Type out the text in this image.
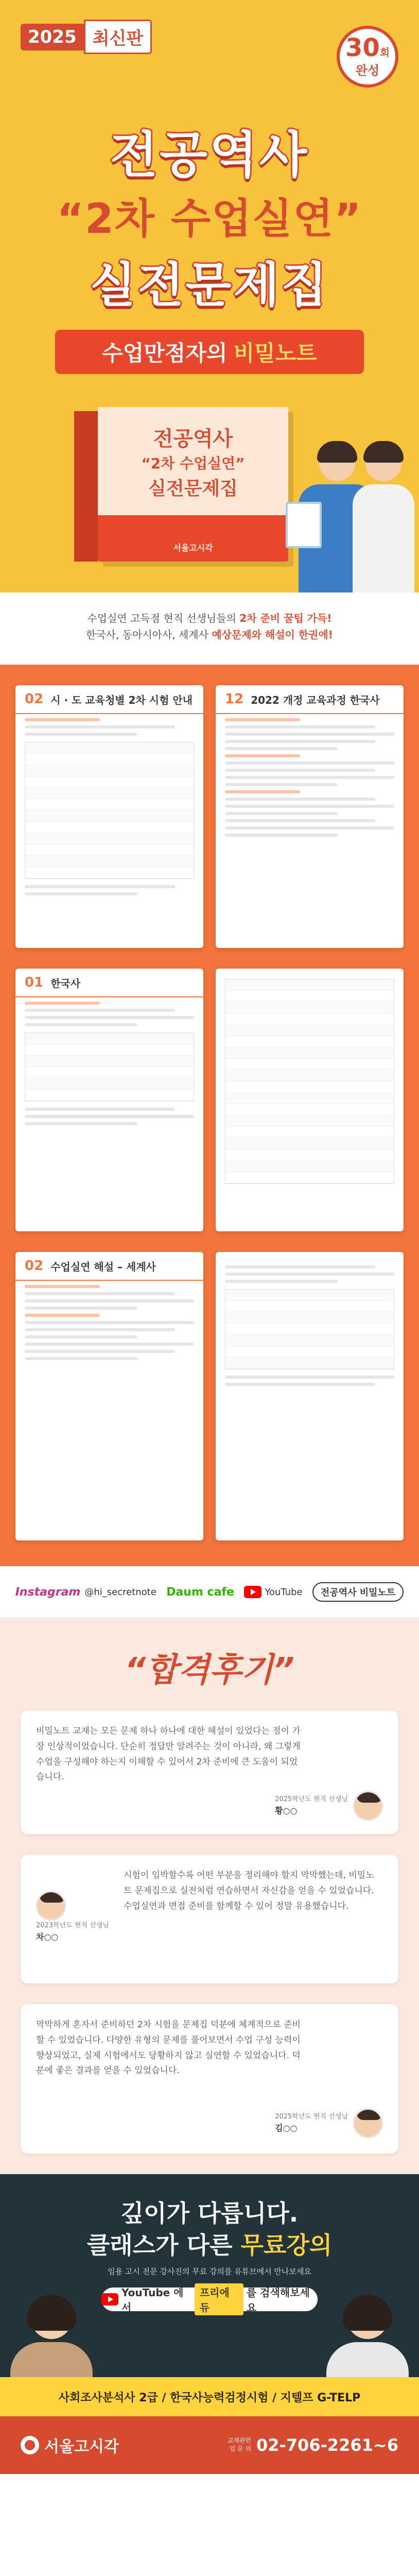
2025 최신판	30회
완성
전공역사
“2차 수업실연”
실전문제집
수업만점자의 비밀노트
전공역사
“2차 수업실연”
실전문제집
서울고시각

수업실연 고득점 현직 선생님들의 2차 준비 꿀팁 가득!

한국사, 동아시아사, 세계사 예상문제와 해설이 한권에!

02 시 · 도 교육청별 2차 시험 안내 12 2022 개정 교육과정 한국사
01 한국사
02 수업실연 해설 – 세계사
Instagram @hi_secretnote Daum cafe	YouTube	전공역사 비밀노트
“합격후기”

비밀노트 교재는 모든 문제 하나 하나에 대한 해설이 있었다는 점이 가장 인상적이었습니다. 단순히 정답만 알려주는 것이 아니라, 왜 그렇게 수업을 구성해야 하는지 이해할 수 있어서 2차 준비에 큰 도움이 되었습니다.

2025학년도 현직 선생님
황○○

시험이 임박할수록 어떤 부분을 정리해야 할지 막막했는데, 비밀노트 문제집으로 실전처럼 연습하면서 자신감을 얻을 수 있었습니다. 수업실연과 면접 준비를 함께할 수 있어 정말 유용했습니다.

2023학년도 현직 선생님
차○○

막막하게 혼자서 준비하던 2차 시험을 문제집 덕분에 체계적으로 준비할 수 있었습니다. 다양한 유형의 문제를 풀어보면서 수업 구성 능력이 향상되었고, 실제 시험에서도 당황하지 않고 실연할 수 있었습니다. 덕분에 좋은 결과를 얻을 수 있었습니다.

2025학년도 현직 선생님
김○○
깊이가 다릅니다.
클래스가 다른 무료강의
임용 고시 전문 강사진의 무료 강의를 유튜브에서 만나보세요
YouTube 에서
프리에듀
를 검색해보세요
사회조사분석사 2급 / 한국사능력검정시험 / 지텔프 G-TELP
서울고시각	교재관련
입 문 의 02-706-2261~6
